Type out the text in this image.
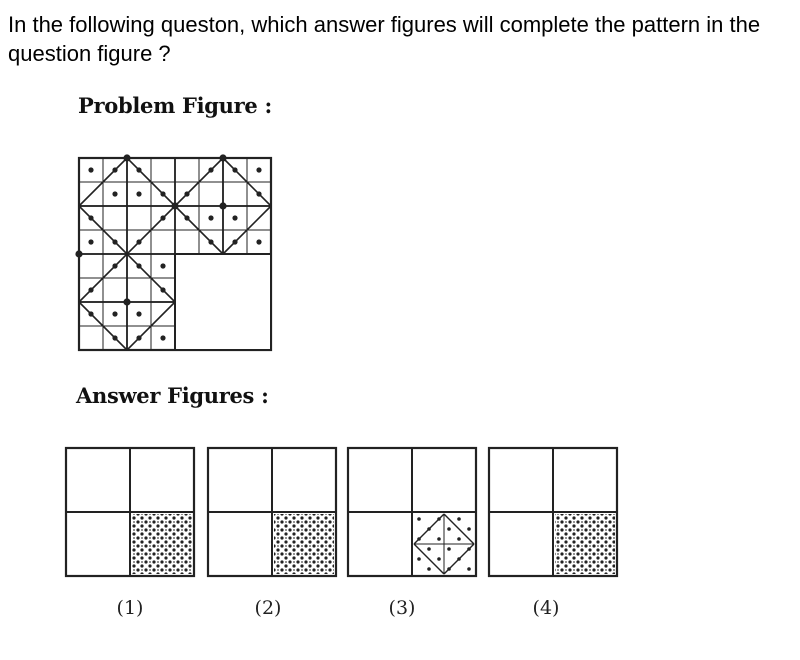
In the following queston, which answer figures will complete the pattern in the question figure ?

Problem Figure :
Answer Figures :
(1)	(2)	(3)	(4)
